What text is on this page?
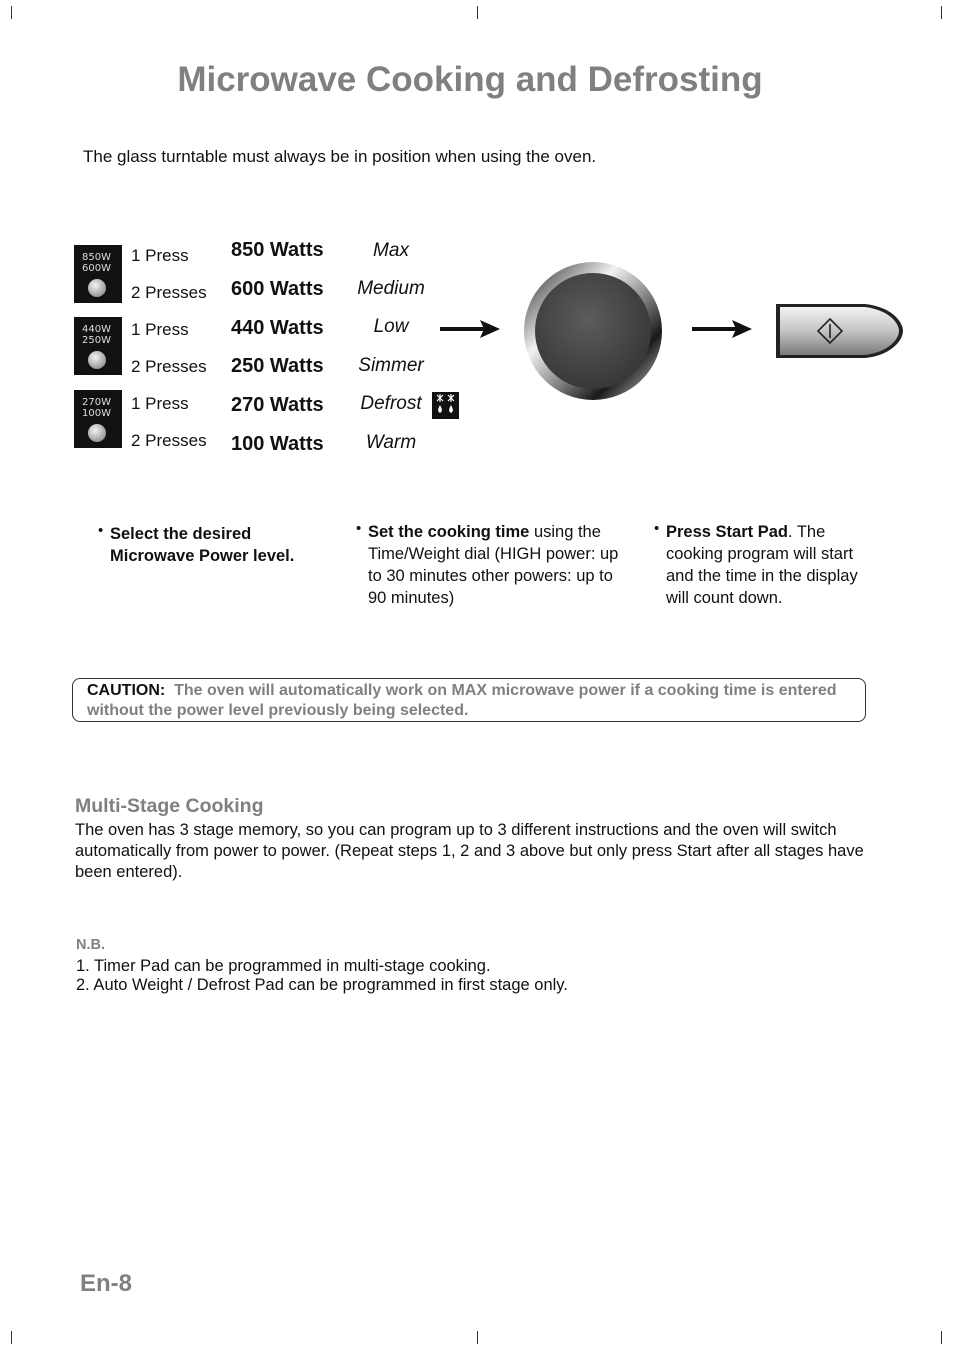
Microwave Cooking and Defrosting

The glass turntable must always be in position when using the oven.

850W
600W
440W
250W
270W
100W
1 Press
2 Presses
1 Press
2 Presses
1 Press
2 Presses
850 Watts
600 Watts
440 Watts
250 Watts
270 Watts
100 Watts
Max
Medium
Low
Simmer
Defrost
Warm
• Select the desired Microwave Power level.
• Set the cooking time using the Time/Weight dial (HIGH power: up to 30 minutes other powers: up to 90 minutes)
• Press Start Pad. The cooking program will start and the time in the display will count down.
CAUTION: The oven will automatically work on MAX microwave power if a cooking time is entered without the power level previously being selected.
Multi-Stage Cooking

The oven has 3 stage memory, so you can program up to 3 different instructions and the oven will switch automatically from power to power. (Repeat steps 1, 2 and 3 above but only press Start after all stages have been entered).

N.B.
1. Timer Pad can be programmed in multi-stage cooking.
2. Auto Weight / Defrost Pad can be programmed in first stage only.
En-8
